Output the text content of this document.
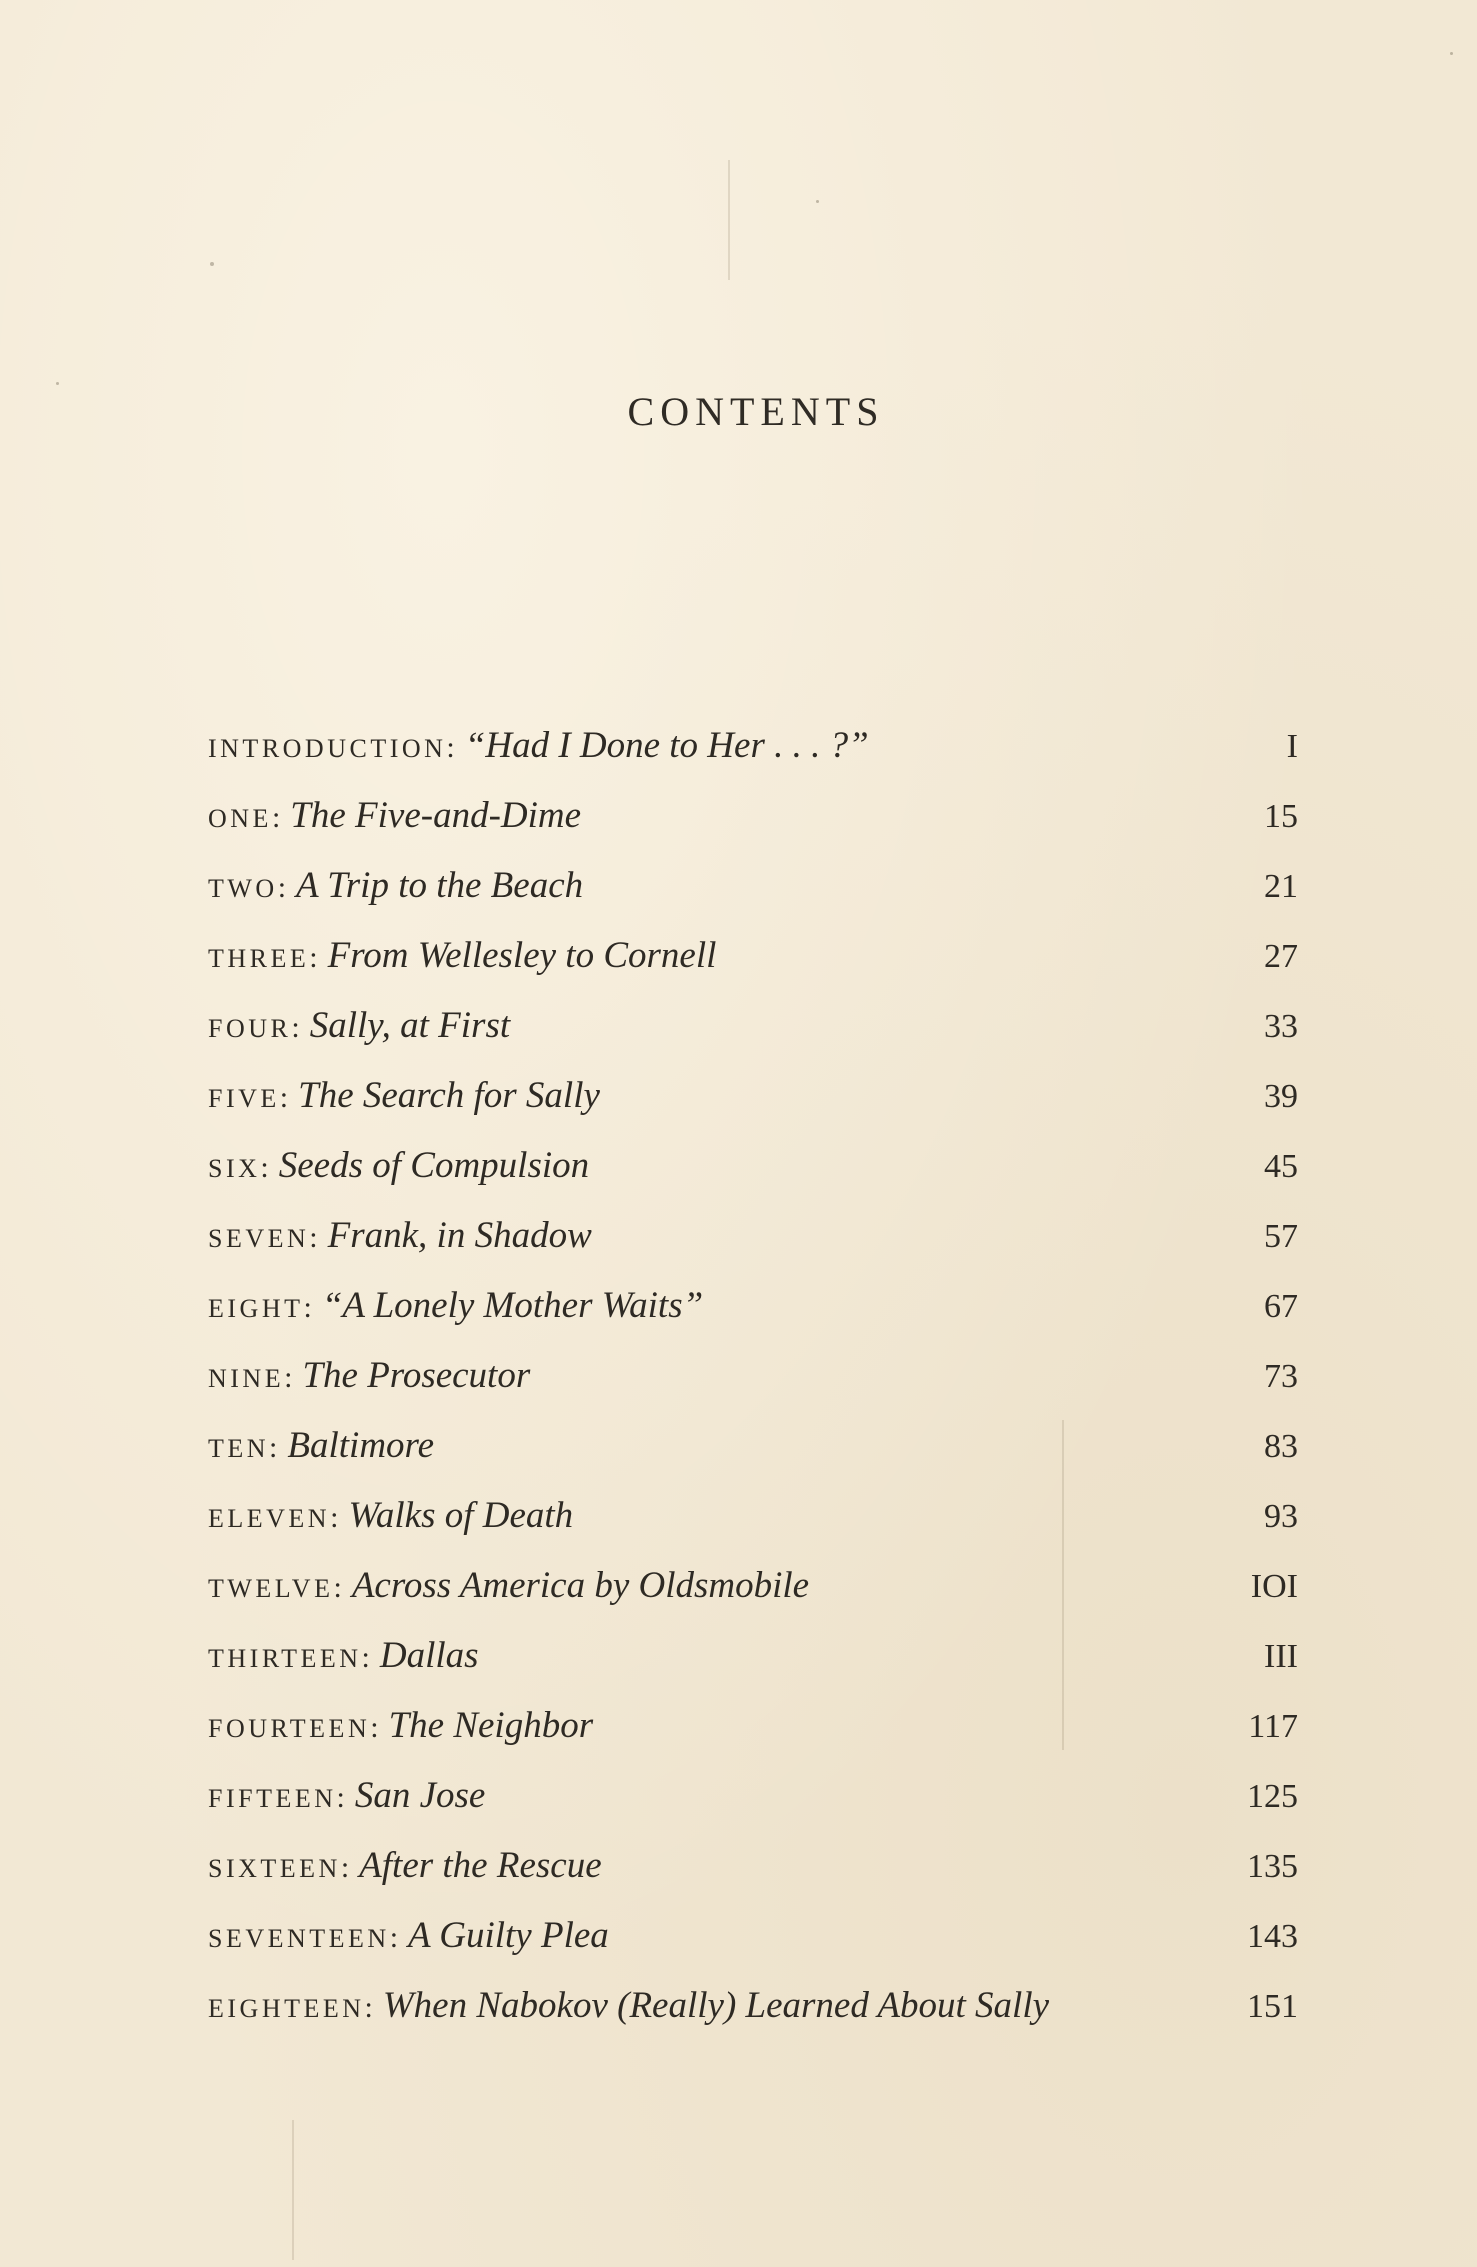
CONTENTS
INTRODUCTION: “Had I Done to Her . . . ?”	I
ONE: The Five-and-Dime	15
TWO: A Trip to the Beach	21
THREE: From Wellesley to Cornell	27
FOUR: Sally, at First	33
FIVE: The Search for Sally	39
SIX: Seeds of Compulsion	45
SEVEN: Frank, in Shadow	57
EIGHT: “A Lonely Mother Waits”	67
NINE: The Prosecutor	73
TEN: Baltimore	83
ELEVEN: Walks of Death	93
TWELVE: Across America by Oldsmobile	IOI
THIRTEEN: Dallas	III
FOURTEEN: The Neighbor	117
FIFTEEN: San Jose	125
SIXTEEN: After the Rescue	135
SEVENTEEN: A Guilty Plea	143
EIGHTEEN: When Nabokov (Really) Learned About Sally	151
